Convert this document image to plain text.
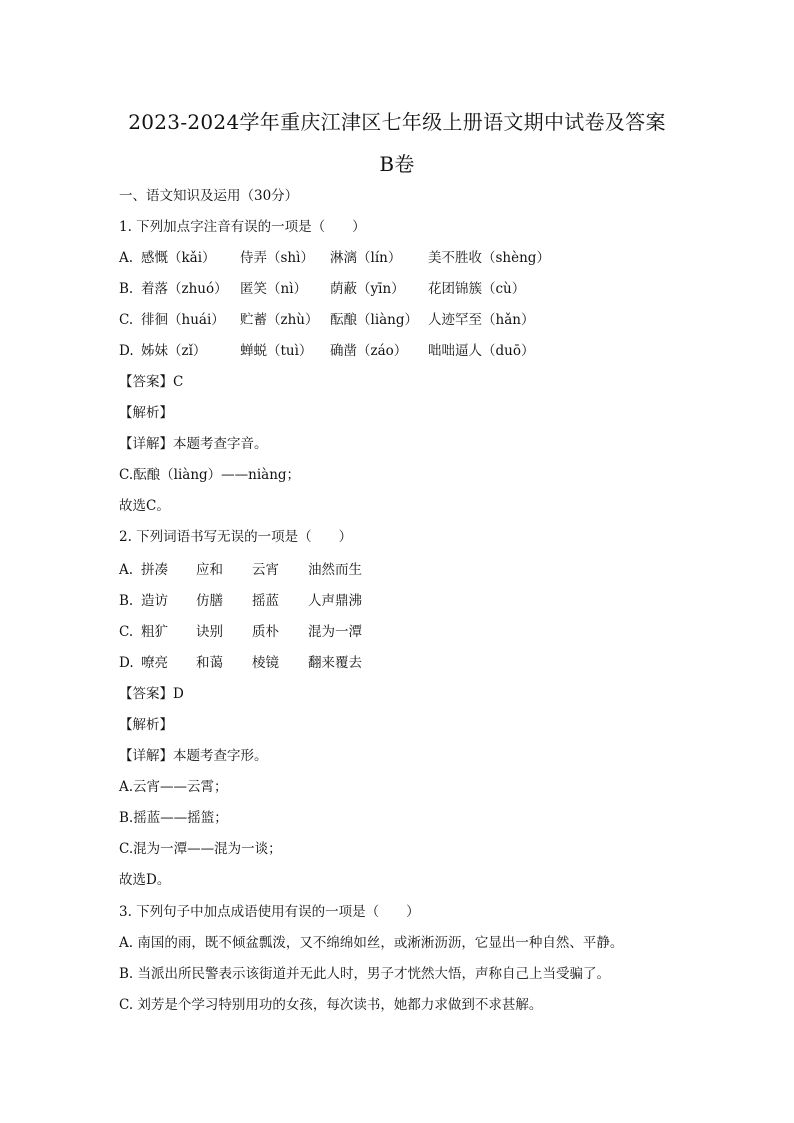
2023-2024学年重庆江津区七年级上册语文期中试卷及答案
B卷
一、语文知识及运用（30分）
1. 下列加点字注音有误的一项是（　　）
A. 感慨（kǎi） 侍弄（shì） 淋漓（lín） 美不胜收（shèng）
B. 着落（zhuó） 匿笑（nì） 荫蔽（yīn） 花团锦簇（cù）
C. 徘徊（huái） 贮蓄（zhù） 酝酿（liàng） 人迹罕至（hǎn）
D. 姊妹（zǐ） 蝉蜕（tuì） 确凿（záo） 咄咄逼人（duō）
【答案】C
【解析】
【详解】本题考查字音。
C.酝酿（liàng）——niàng；
故选C。
2. 下列词语书写无误的一项是（　　）
A. 拼凑 应和 云宵 油然而生
B. 造访 仿膳 摇蓝 人声鼎沸
C. 粗犷 诀别 质朴 混为一潭
D. 嘹亮 和蔼 棱镜 翻来覆去
【答案】D
【解析】
【详解】本题考查字形。
A.云宵——云霄；
B.摇蓝——摇篮；
C.混为一潭——混为一谈；
故选D。
3. 下列句子中加点成语使用有误的一项是（　　）
A. 南国的雨，既不倾盆瓢泼，又不绵绵如丝，或淅淅沥沥，它显出一种自然、平静。
B. 当派出所民警表示该街道并无此人时，男子才恍然大悟，声称自己上当受骗了。
C. 刘芳是个学习特别用功的女孩，每次读书，她都力求做到不求甚解。
